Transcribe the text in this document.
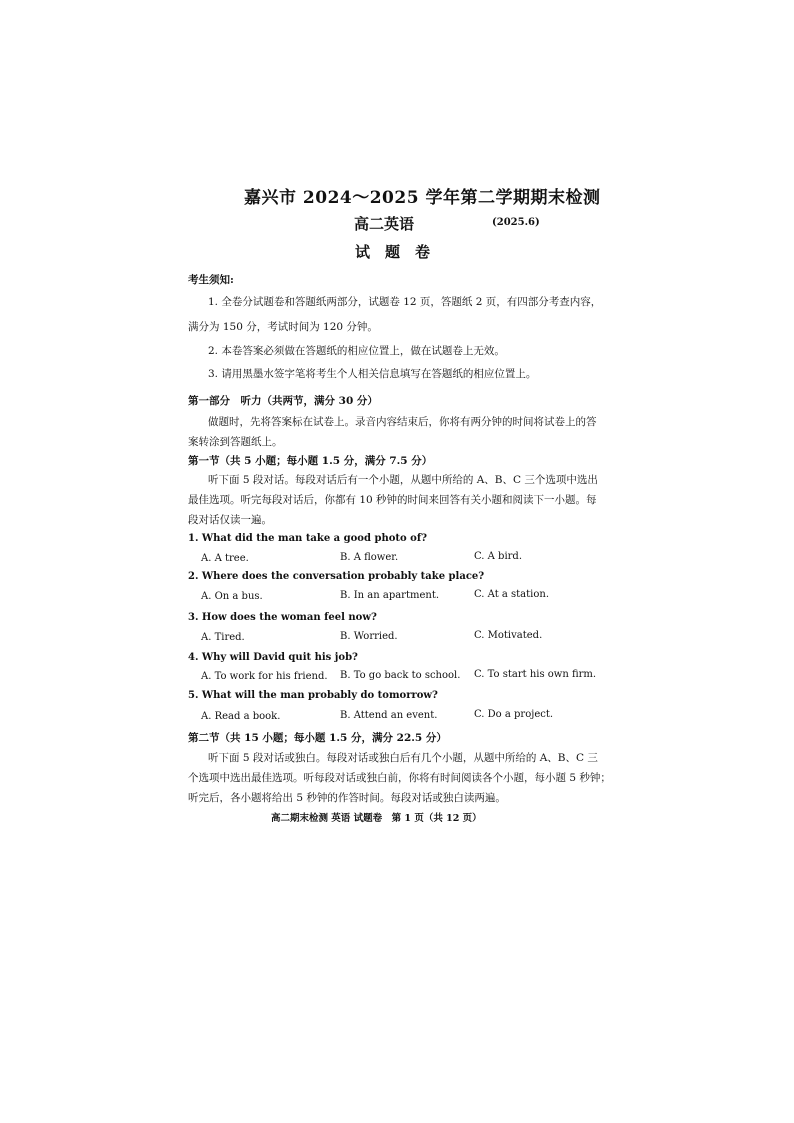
嘉兴市 2024～2025 学年第二学期期末检测
高二英语	(2025.6)
试　题　卷
考生须知:
1. 全卷分试题卷和答题纸两部分，试题卷 12 页，答题纸 2 页，有四部分考查内容，
满分为 150 分，考试时间为 120 分钟。
2. 本卷答案必须做在答题纸的相应位置上，做在试题卷上无效。
3. 请用黑墨水签字笔将考生个人相关信息填写在答题纸的相应位置上。
第一部分　听力（共两节，满分 30 分）
做题时，先将答案标在试卷上。录音内容结束后，你将有两分钟的时间将试卷上的答
案转涂到答题纸上。
第一节（共 5 小题；每小题 1.5 分，满分 7.5 分）
听下面 5 段对话。每段对话后有一个小题，从题中所给的 A、B、C 三个选项中选出
最佳选项。听完每段对话后，你都有 10 秒钟的时间来回答有关小题和阅读下一小题。每
段对话仅读一遍。
1. What did the man take a good photo of?
A. A tree.	B. A flower.	C. A bird.
2. Where does the conversation probably take place?
A. On a bus.	B. In an apartment.	C. At a station.
3. How does the woman feel now?
A. Tired.	B. Worried.	C. Motivated.
4. Why will David quit his job?
A. To work for his friend. B. To go back to school. C. To start his own firm.
5. What will the man probably do tomorrow?
A. Read a book.	B. Attend an event.	C. Do a project.
第二节（共 15 小题；每小题 1.5 分，满分 22.5 分）
听下面 5 段对话或独白。每段对话或独白后有几个小题，从题中所给的 A、B、C 三
个选项中选出最佳选项。听每段对话或独白前，你将有时间阅读各个小题，每小题 5 秒钟；
听完后，各小题将给出 5 秒钟的作答时间。每段对话或独白读两遍。
高二期末检测 英语 试题卷　第 1 页（共 12 页）
